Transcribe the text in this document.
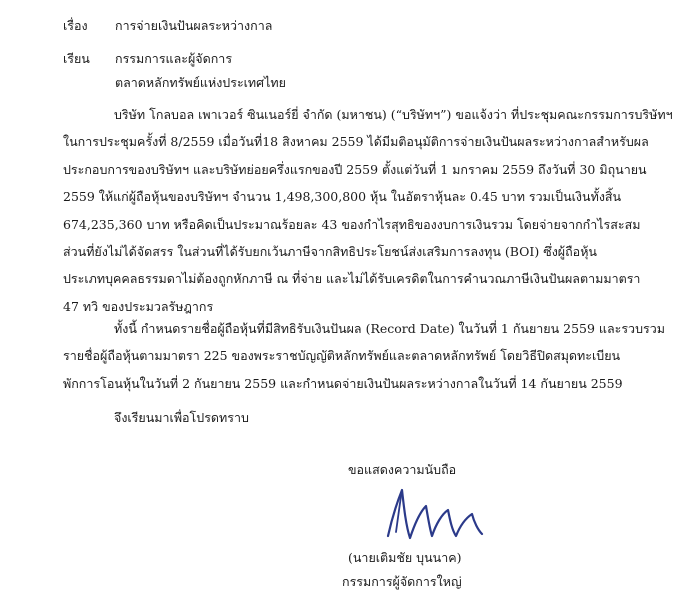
เรื่อง การจ่ายเงินปันผลระหว่างกาล
เรียน กรรมการและผู้จัดการ
ตลาดหลักทรัพย์แห่งประเทศไทย
บริษัท โกลบอล เพาเวอร์ ซินเนอร์ยี่ จำกัด (มหาชน) (“บริษัทฯ”) ขอแจ้งว่า ที่ประชุมคณะกรรมการบริษัทฯ
ในการประชุมครั้งที่ 8/2559 เมื่อวันที่18 สิงหาคม 2559 ได้มีมติอนุมัติการจ่ายเงินปันผลระหว่างกาลสำหรับผล
ประกอบการของบริษัทฯ และบริษัทย่อยครึ่งแรกของปี 2559 ตั้งแต่วันที่ 1 มกราคม 2559 ถึงวันที่ 30 มิถุนายน
2559 ให้แก่ผู้ถือหุ้นของบริษัทฯ จำนวน 1,498,300,800 หุ้น ในอัตราหุ้นละ 0.45 บาท รวมเป็นเงินทั้งสิ้น
674,235,360 บาท หรือคิดเป็นประมาณร้อยละ 43 ของกำไรสุทธิของงบการเงินรวม โดยจ่ายจากกำไรสะสม
ส่วนที่ยังไม่ได้จัดสรร ในส่วนที่ได้รับยกเว้นภาษีจากสิทธิประโยชน์ส่งเสริมการลงทุน (BOI) ซึ่งผู้ถือหุ้น
ประเภทบุคคลธรรมดาไม่ต้องถูกหักภาษี ณ ที่จ่าย และไม่ได้รับเครดิตในการคำนวณภาษีเงินปันผลตามมาตรา
47 ทวิ ของประมวลรัษฎากร
ทั้งนี้ กำหนดรายชื่อผู้ถือหุ้นที่มีสิทธิรับเงินปันผล (Record Date) ในวันที่ 1 กันยายน 2559 และรวบรวม
รายชื่อผู้ถือหุ้นตามมาตรา 225 ของพระราชบัญญัติหลักทรัพย์และตลาดหลักทรัพย์ โดยวิธีปิดสมุดทะเบียน
พักการโอนหุ้นในวันที่ 2 กันยายน 2559 และกำหนดจ่ายเงินปันผลระหว่างกาลในวันที่ 14 กันยายน 2559
จึงเรียนมาเพื่อโปรดทราบ
ขอแสดงความนับถือ
(นายเติมชัย บุนนาค)
กรรมการผู้จัดการใหญ่
